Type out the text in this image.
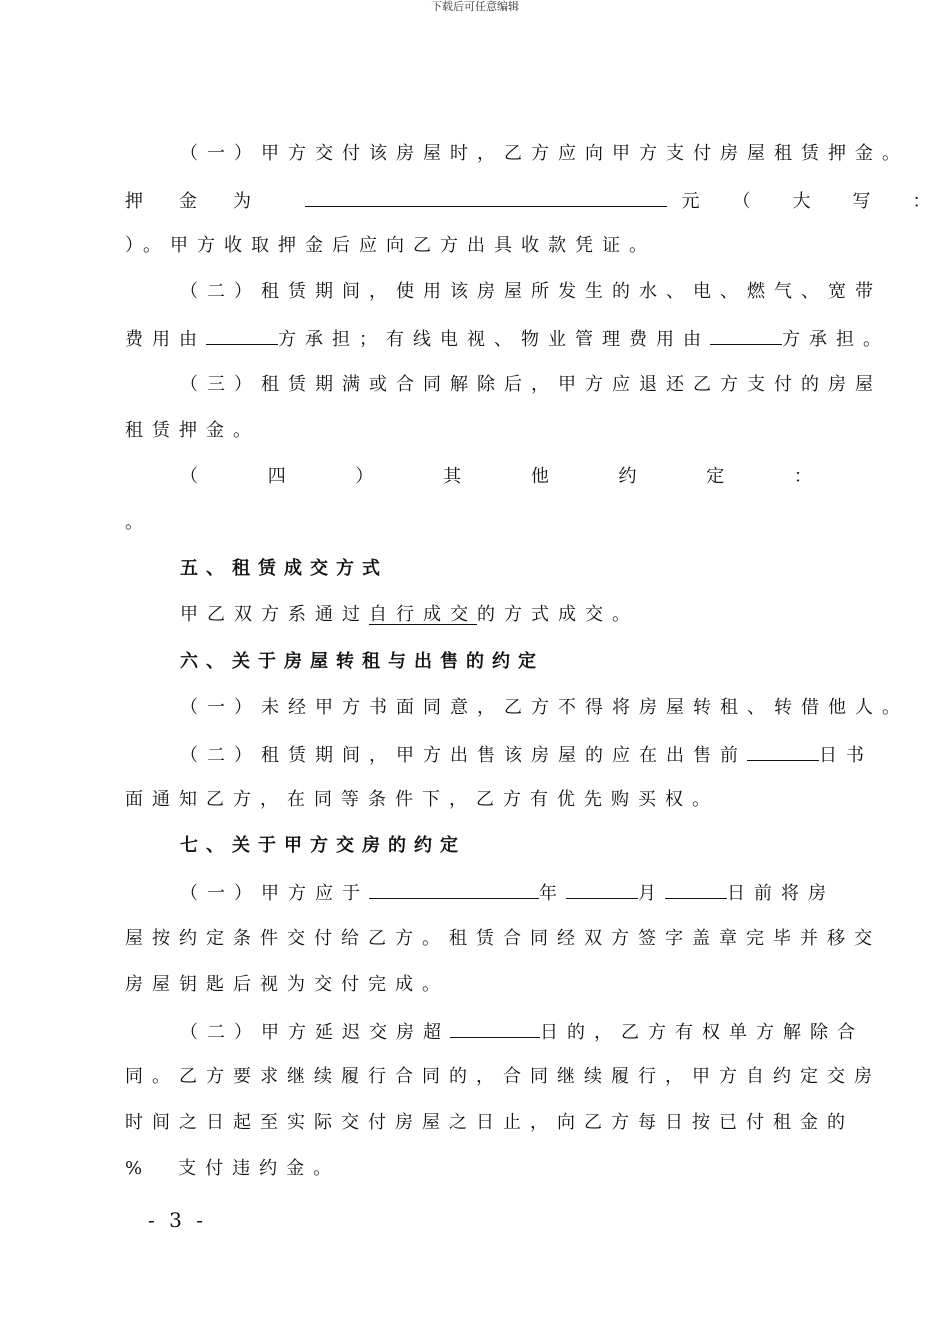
下载后可任意编辑
（一）甲方交付该房屋时，乙方应向甲方支付房屋租赁押金。
押　金　为	元　（　大　写　：
）。甲方收取押金后应向乙方出具收款凭证。
（二）租赁期间，使用该房屋所发生的水、电、燃气、宽带
费用由	方承担；有线电视、物业管理费用由	方承担。
（三）租赁期满或合同解除后，甲方应退还乙方支付的房屋
租赁押金。
（	四	）	其	他	约	定	：
。
五、租赁成交方式
甲乙双方系通过自行成交的方式成交。
六、关于房屋转租与出售的约定
（一）未经甲方书面同意，乙方不得将房屋转租、转借他人。
（二）租赁期间，甲方出售该房屋的应在出售前	日书
面通知乙方，在同等条件下，乙方有优先购买权。
七、关于甲方交房的约定
（一）甲方应于	年	月	日前将房
屋按约定条件交付给乙方。租赁合同经双方签字盖章完毕并移交
房屋钥匙后视为交付完成。
（二）甲方延迟交房超	日的，乙方有权单方解除合
同。乙方要求继续履行合同的，合同继续履行，甲方自约定交房
时间之日起至实际交付房屋之日止，向乙方每日按已付租金的
%　支付违约金。
- 3 -
